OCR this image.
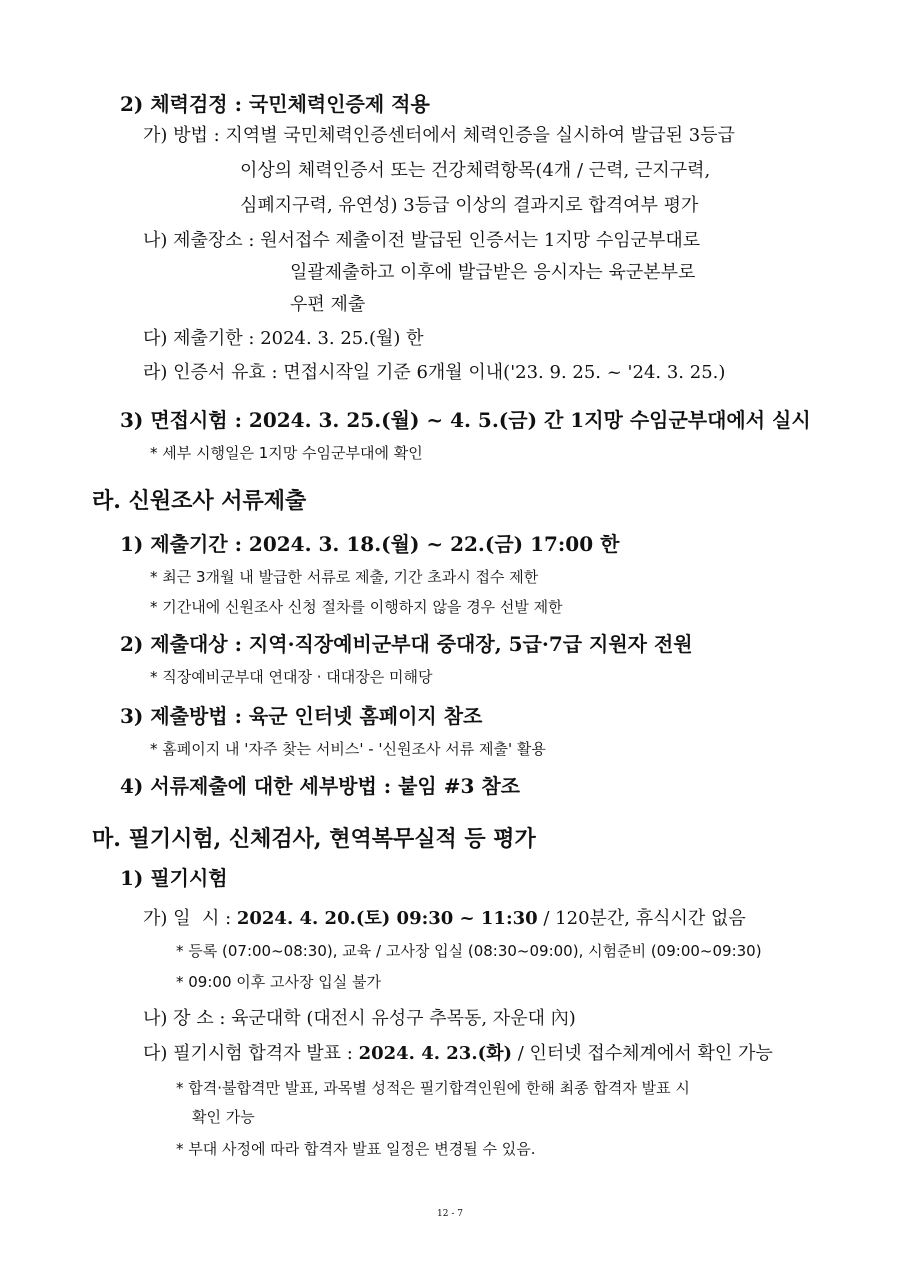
2) 체력검정 : 국민체력인증제 적용
가) 방법 : 지역별 국민체력인증센터에서 체력인증을 실시하여 발급된 3등급
이상의 체력인증서 또는 건강체력항목(4개 / 근력, 근지구력,
심폐지구력, 유연성) 3등급 이상의 결과지로 합격여부 평가
나) 제출장소 : 원서접수 제출이전 발급된 인증서는 1지망 수임군부대로
일괄제출하고 이후에 발급받은 응시자는 육군본부로
우편 제출
다) 제출기한 : 2024. 3. 25.(월) 한
라) 인증서 유효 : 면접시작일 기준 6개월 이내('23. 9. 25. ~ '24. 3. 25.)
3) 면접시험 : 2024. 3. 25.(월) ~ 4. 5.(금) 간 1지망 수임군부대에서 실시
* 세부 시행일은 1지망 수임군부대에 확인
라. 신원조사 서류제출
1) 제출기간 : 2024. 3. 18.(월) ~ 22.(금) 17:00 한
* 최근 3개월 내 발급한 서류로 제출, 기간 초과시 접수 제한
* 기간내에 신원조사 신청 절차를 이행하지 않을 경우 선발 제한
2) 제출대상 : 지역·직장예비군부대 중대장, 5급·7급 지원자 전원
* 직장예비군부대 연대장 · 대대장은 미해당
3) 제출방법 : 육군 인터넷 홈페이지 참조
* 홈페이지 내 '자주 찾는 서비스' - '신원조사 서류 제출' 활용
4) 서류제출에 대한 세부방법 : 붙임 #3 참조
마. 필기시험, 신체검사, 현역복무실적 등 평가
1) 필기시험
가) 일  시 : 2024. 4. 20.(토) 09:30 ~ 11:30 / 120분간, 휴식시간 없음
* 등록 (07:00~08:30), 교육 / 고사장 입실 (08:30~09:00), 시험준비 (09:00~09:30)
* 09:00 이후 고사장 입실 불가
나) 장 소 : 육군대학 (대전시 유성구 추목동, 자운대 內)
다) 필기시험 합격자 발표 : 2024. 4. 23.(화) / 인터넷 접수체계에서 확인 가능
* 합격·불합격만 발표, 과목별 성적은 필기합격인원에 한해 최종 합격자 발표 시
확인 가능
* 부대 사정에 따라 합격자 발표 일정은 변경될 수 있음.
12 - 7
